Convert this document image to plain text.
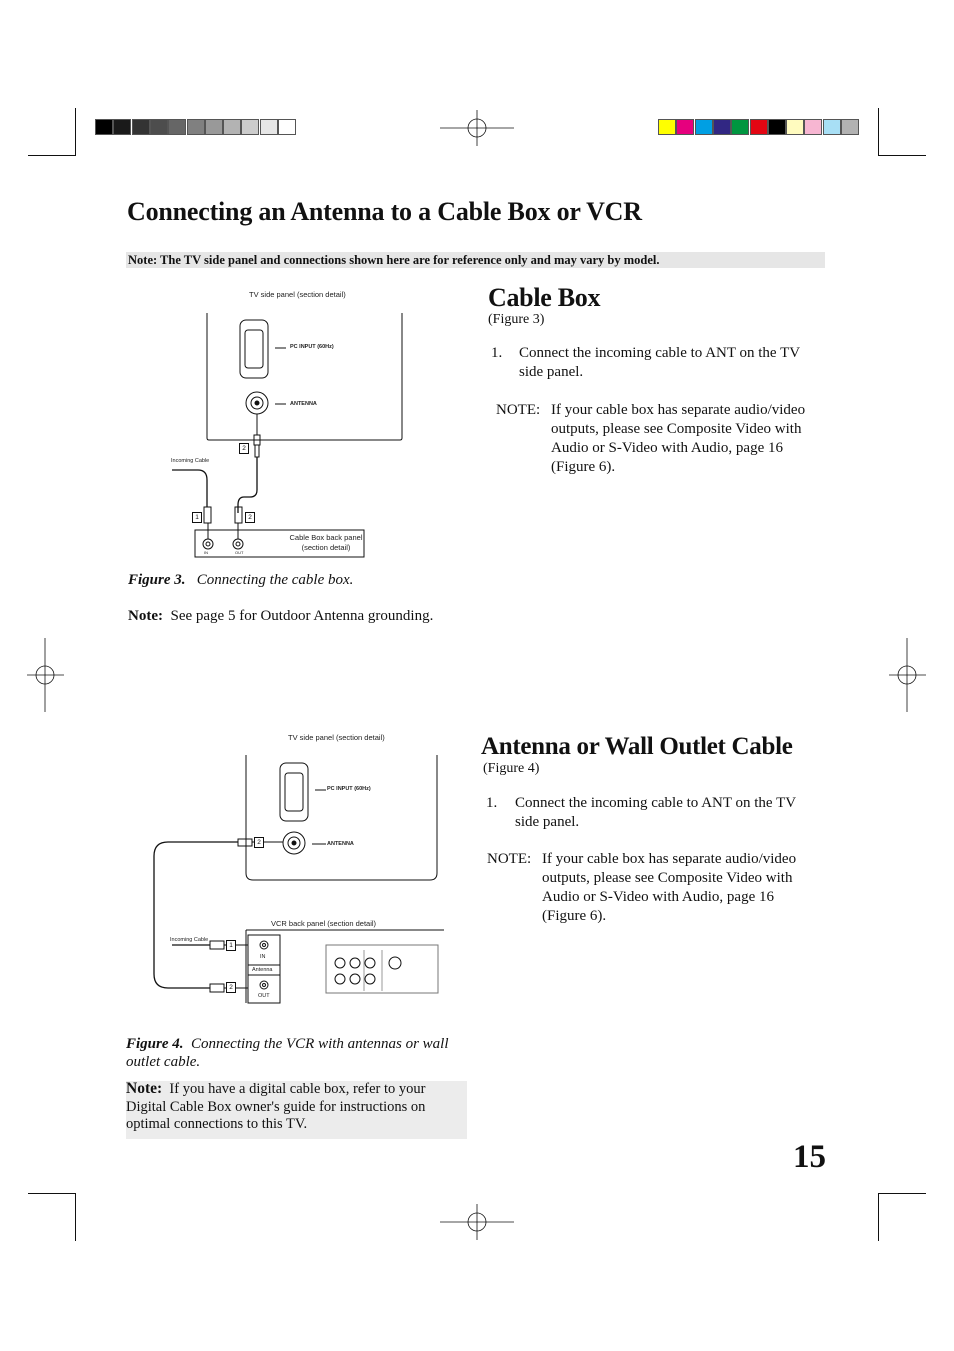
Connecting an Antenna to a Cable Box or VCR
Note: The TV side panel and connections shown here are for reference only and may vary by model.
TV side panel (section detail)
PC INPUT (60Hz)
ANTENNA
Incoming Cable
Cable Box back panel (section detail)
IN	OUT
2
1	2
Figure 3. Connecting the cable box.
Note: See page 5 for Outdoor Antenna grounding.
Cable Box
(Figure 3)
1. Connect the incoming cable to ANT on the TV side panel.
NOTE: If your cable box has separate audio/video outputs, please see Composite Video with Audio or S-Video with Audio, page 16 (Figure 6).
TV side panel (section detail)
PC INPUT (60Hz)
ANTENNA
VCR back panel (section detail)
Incoming Cable
IN
Antenna
OUT
2
1
2
Figure 4. Connecting the VCR with antennas or wall outlet cable.
Note: If you have a digital cable box, refer to your Digital Cable Box owner's guide for instructions on optimal connections to this TV.
Antenna or Wall Outlet Cable
(Figure 4)
1. Connect the incoming cable to ANT on the TV side panel.
NOTE: If your cable box has separate audio/video outputs, please see Composite Video with Audio or S-Video with Audio, page 16 (Figure 6).
15
